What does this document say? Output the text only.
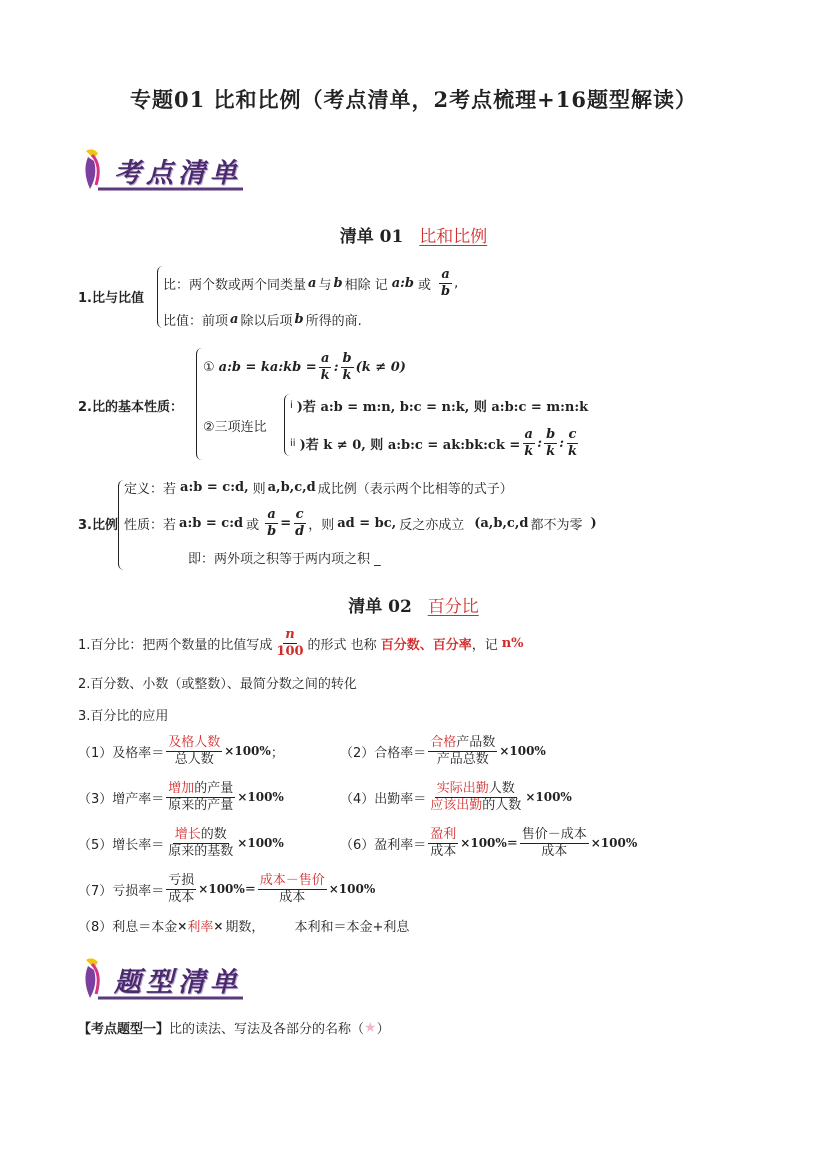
专题01 比和比例（考点清单，2考点梳理+16题型解读）
考点清单
清单 01 比和比例
1.比与比值
比：两个数或两个同类量 a 与 b 相除 记 a:b 或 $\frac{a}{b}$ ,
比值：前项 a 除以后项 b 所得的商.
2.比的基本性质：
① a:b = ka:kb = $\frac{a}{k}$ : $\frac{b}{k} (k \ne 0)$
②三项连比
i )若 a:b = m:n, b:c = n:k, 则 a:b:c = m:n:k
ii )若 k ≠ 0, 则 a:b:c = ak:bk:ck = $\frac{a}{k}$ : $\frac{b}{k}$ : $\frac{c}{k}$
3.比例
定义：若 a:b = c:d, 则 a,b,c,d 成比例（表示两个比相等的式子）
性质：若 a:b = c:d 或 $\frac{a}{b} = \frac{c}{d}$ ，则 ad = bc, 反之亦成立 (a,b,c,d 都不为零 )
即：两外项之积等于两内项之积 _
清单 02 百分比
1.百分比：把两个数量的比值写成 $\frac{n}{100}$ 的形式 也称 百分数、百分率 ，记 n%
2.百分数、小数（或整数）、最简分数之间的转化
3.百分比的应用
（1）及格率＝ $\frac{\text{及格人数}}{\text{总人数}} \times 100\%$ ；	（2）合格率＝ $\frac{\text{合格产品数}}{\text{产品总数}} \times 100\%$
（3）增产率＝ $\frac{\text{增加的产量}}{\text{原来的产量}} \times 100\%$	（4）出勤率＝ $\frac{\text{实际出勤人数}}{\text{应该出勤的人数}} \times 100\%$
（5）增长率＝ $\frac{\text{增长的数}}{\text{原来的基数}} \times 100\%$	（6）盈利率＝ $\frac{\text{盈利}}{\text{成本}} \times 100\% = \frac{\text{售价－成本}}{\text{成本}} \times 100\%$
（7）亏损率＝ $\frac{\text{亏损}}{\text{成本}} \times 100\% = \frac{\text{成本－售价}}{\text{成本}} \times 100\%$
（8）利息＝本金 × 利率 × 期数， 本利和＝本金+利息
题型清单
【考点题型一】 比的读法、写法及各部分的名称（ ★ ）
